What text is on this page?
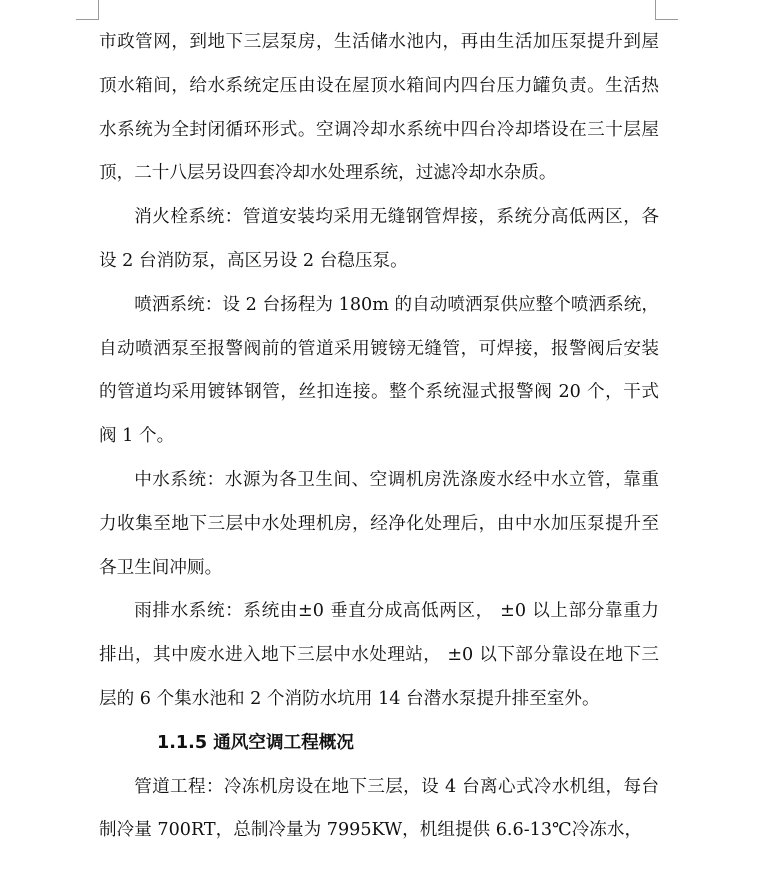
市政管网，到地下三层泵房，生活储水池内，再由生活加压泵提升到屋顶水箱间，给水系统定压由设在屋顶水箱间内四台压力罐负责。生活热水系统为全封闭循环形式。空调冷却水系统中四台冷却塔设在三十层屋顶，二十八层另设四套冷却水处理系统，过滤冷却水杂质。

消火栓系统：管道安装均采用无缝钢管焊接，系统分高低两区，各设 2 台消防泵，高区另设 2 台稳压泵。

喷洒系统：设 2 台扬程为 180m 的自动喷洒泵供应整个喷洒系统，自动喷洒泵至报警阀前的管道采用镀镑无缝管，可焊接，报警阀后安装的管道均采用镀钵钢管，丝扣连接。整个系统湿式报警阀 20 个，干式阀 1 个。

中水系统：水源为各卫生间、空调机房洗涤废水经中水立管，靠重力收集至地下三层中水处理机房，经净化处理后，由中水加压泵提升至各卫生间冲厕。

雨排水系统：系统由±0 垂直分成高低两区， ±0 以上部分靠重力排出，其中废水进入地下三层中水处理站， ±0 以下部分靠设在地下三层的 6 个集水池和 2 个消防水坑用 14 台潜水泵提升排至室外。

1.1.5 通风空调工程概况

管道工程：冷冻机房设在地下三层，设 4 台离心式冷水机组，每台制冷量 700RT，总制冷量为 7995KW，机组提供 6.6-13℃冷冻水，
